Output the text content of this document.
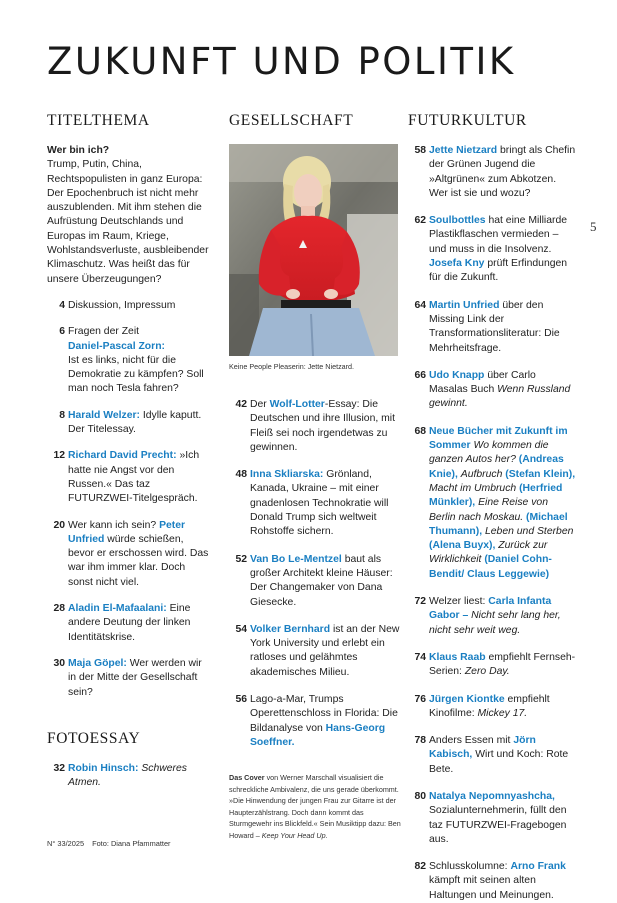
ZUKUNFT UND POLITIK
TITELTHEMA

Wer bin ich?

Trump, Putin, China, Rechtspopulisten in ganz Europa: Der Epochenbruch ist nicht mehr auszublenden. Mit ihm stehen die Aufrüstung Deutschlands und Europas im Raum, Kriege, Wohlstandsverluste, ausbleibender Klimaschutz. Was heißt das für unsere Überzeugungen?

4 Diskussion, Impressum
6 Fragen der Zeit
Daniel-Pascal Zorn:
Ist es links, nicht für die Demokratie zu kämpfen? Soll man noch Tesla fahren?
8 Harald Welzer: Idylle kaputt. Der Titelessay.
12 Richard David Precht: »Ich hatte nie Angst vor den Russen.« Das taz FUTURZWEI-Titelgespräch.
20 Wer kann ich sein? Peter Unfried würde schießen, bevor er erschossen wird. Das war ihm immer klar. Doch sonst nicht viel.
28 Aladin El-Mafaalani: Eine andere Deutung der linken Identitätskrise.
30 Maja Göpel: Wer werden wir in der Mitte der Gesellschaft sein?
FOTOESSAY
32 Robin Hinsch: Schweres Atmen.
GESELLSCHAFT
Keine People Pleaserin: Jette Nietzard.
42 Der Wolf-Lotter-Essay: Die Deutschen und ihre Illusion, mit Fleiß sei noch irgendetwas zu gewinnen.
48 Inna Skliarska: Grönland, Kanada, Ukraine – mit einer gnadenlosen Technokratie will Donald Trump sich weltweit Rohstoffe sichern.
52 Van Bo Le-Mentzel baut als großer Architekt kleine Häuser: Der Changemaker von Dana Giesecke.
54 Volker Bernhard ist an der New York University und erlebt ein ratloses und gelähmtes akademisches Milieu.
56 Lago-a-Mar, Trumps Operettenschloss in Florida: Die Bildanalyse von Hans-Georg Soeffner.
Das Cover von Werner Marschall visualisiert die schreckliche Ambivalenz, die uns gerade überkommt. »Die Hinwendung der jungen Frau zur Gitarre ist der Haupterzählstrang. Doch dann kommt das Sturmgewehr ins Blickfeld.« Sein Musiktipp dazu: Ben Howard – Keep Your Head Up.
FUTURKULTUR
58 Jette Nietzard bringt als Chefin der Grünen Jugend die »Altgrünen« zum Abkotzen. Wer ist sie und wozu?
62 Soulbottles hat eine Milliarde Plastikflaschen vermieden – und muss in die Insolvenz. Josefa Kny prüft Erfindungen für die Zukunft.
64 Martin Unfried über den Missing Link der Transformationsliteratur: Die Mehrheitsfrage.
66 Udo Knapp über Carlo Masalas Buch Wenn Russland gewinnt.
68 Neue Bücher mit Zukunft im Sommer Wo kommen die ganzen Autos her? (Andreas Knie), Aufbruch (Stefan Klein), Macht im Umbruch (Herfried Münkler), Eine Reise von Berlin nach Moskau. (Michael Thumann), Leben und Sterben (Alena Buyx), Zurück zur Wirklichkeit (Daniel Cohn-Bendit/ Claus Leggewie)
72 Welzer liest: Carla Infanta Gabor – Nicht sehr lang her, nicht sehr weit weg.
74 Klaus Raab empfiehlt Fernseh-Serien: Zero Day.
76 Jürgen Kiontke empfiehlt Kinofilme: Mickey 17.
78 Anders Essen mit Jörn Kabisch, Wirt und Koch: Rote Bete.
80 Natalya Nepomnyashcha, Sozialunternehmerin, füllt den taz FUTURZWEI-Fragebogen aus.
82 Schlusskolumne: Arno Frank kämpft mit seinen alten Haltungen und Meinungen.
5
N° 33/2025 Foto: Diana Pfammatter
